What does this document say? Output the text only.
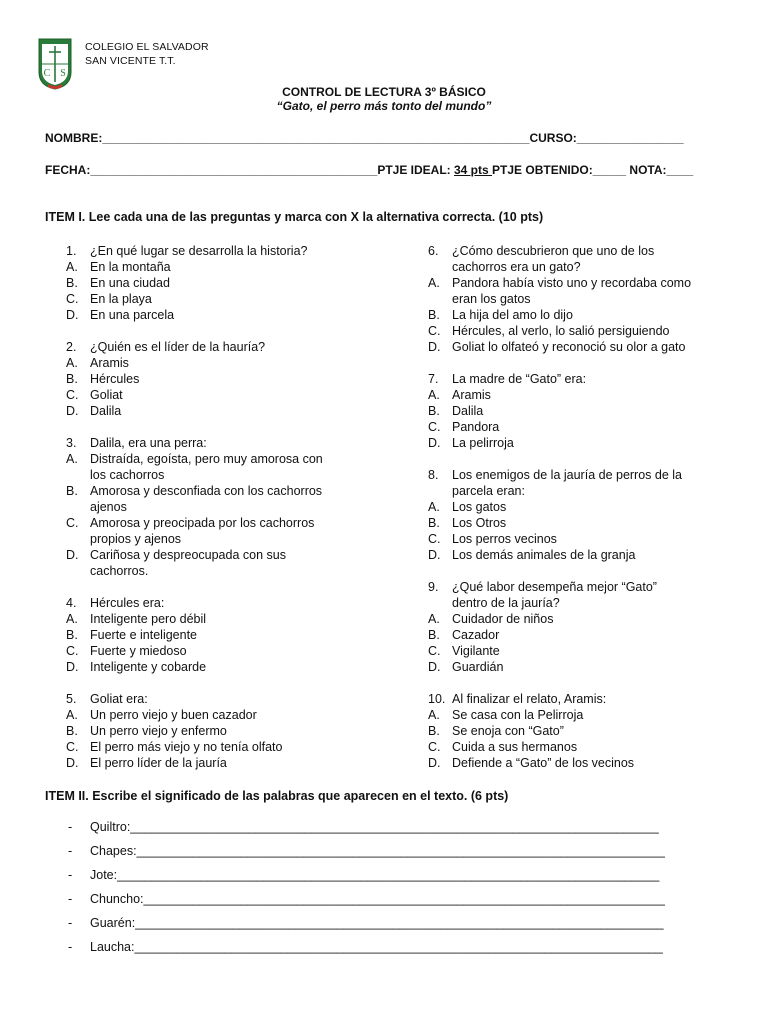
C S
COLEGIO EL SALVADOR
SAN VICENTE T.T.
CONTROL DE LECTURA 3º BÁSICO
“Gato, el perro más tonto del mundo”
NOMBRE:________________________________________________________________CURSO:________________
FECHA:___________________________________________PTJE IDEAL: 34 pts PTJE OBTENIDO:_____ NOTA:____
ITEM I. Lee cada una de las preguntas y marca con X la alternativa correcta. (10 pts)
1.	¿En qué lugar se desarrolla la historia?
A. En la montaña
B. En una ciudad
C. En la playa
D. En una parcela
2.	¿Quién es el líder de la hauría?
A. Aramis
B. Hércules
C. Goliat
D. Dalila
3.	Dalila, era una perra:
A. Distraída, egoísta, pero muy amorosa con
los cachorros
B. Amorosa y desconfiada con los cachorros
ajenos
C. Amorosa y preocipada por los cachorros
propios y ajenos
D. Cariñosa y despreocupada con sus
cachorros.
4.	Hércules era:
A. Inteligente pero débil
B. Fuerte e inteligente
C. Fuerte y miedoso
D. Inteligente y cobarde
5.	Goliat era:
A. Un perro viejo y buen cazador
B. Un perro viejo y enfermo
C. El perro más viejo y no tenía olfato
D. El perro líder de la jauría
6.	¿Cómo descubrieron que uno de los
cachorros era un gato?
A. Pandora había visto uno y recordaba como
eran los gatos
B. La hija del amo lo dijo
C. Hércules, al verlo, lo salió persiguiendo
D. Goliat lo olfateó y reconoció su olor a gato
7.	La madre de “Gato” era:
A. Aramis
B. Dalila
C. Pandora
D. La pelirroja
8.	Los enemigos de la jauría de perros de la
parcela eran:
A. Los gatos
B. Los Otros
C. Los perros vecinos
D. Los demás animales de la granja
9.	¿Qué labor desempeña mejor “Gato”
dentro de la jauría?
A. Cuidador de niños
B. Cazador
C. Vigilante
D. Guardián
10. Al finalizar el relato, Aramis:
A. Se casa con la Pelirroja
B. Se enoja con “Gato”
C. Cuida a sus hermanos
D. Defiende a “Gato” de los vecinos
ITEM II. Escribe el significado de las palabras que aparecen en el texto. (6 pts)
- Quiltro:____________________________________________________________________________
- Chapes:____________________________________________________________________________
- Jote:______________________________________________________________________________
- Chuncho:___________________________________________________________________________
- Guarén:____________________________________________________________________________
- Laucha:____________________________________________________________________________
